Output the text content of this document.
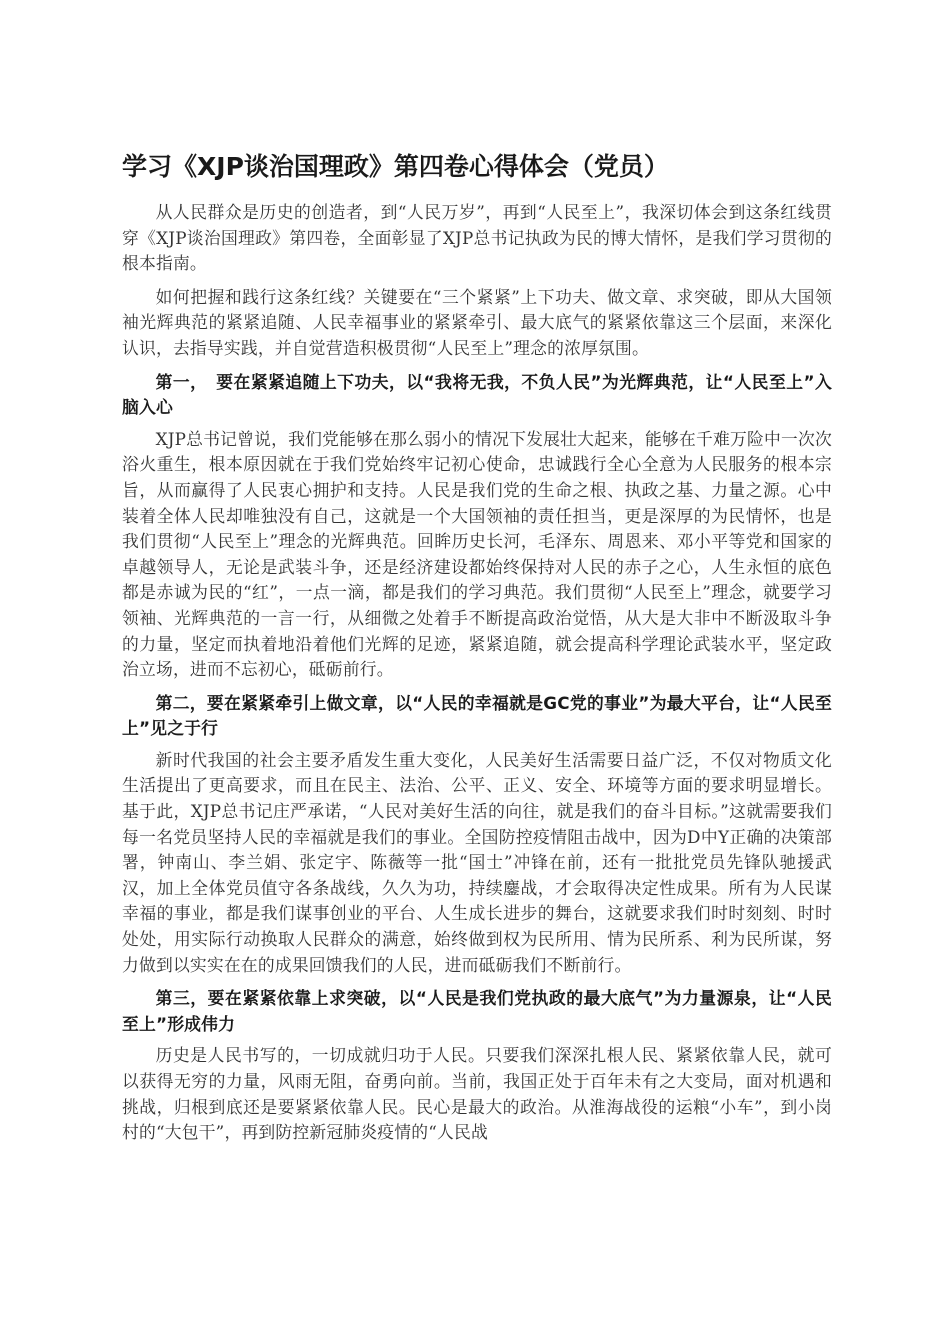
学习《XJP谈治国理政》第四卷心得体会（党员）

从人民群众是历史的创造者，到“人民万岁”，再到“人民至上”，我深切体会到这条红线贯穿《XJP谈治国理政》第四卷，全面彰显了XJP总书记执政为民的博大情怀，是我们学习贯彻的根本指南。

如何把握和践行这条红线？关键要在“三个紧紧”上下功夫、做文章、求突破，即从大国领袖光辉典范的紧紧追随、人民幸福事业的紧紧牵引、最大底气的紧紧依靠这三个层面，来深化认识，去指导实践，并自觉营造积极贯彻“人民至上”理念的浓厚氛围。

第一，　要在紧紧追随上下功夫，以“我将无我，不负人民”为光辉典范，让“人民至上”入脑入心

XJP总书记曾说，我们党能够在那么弱小的情况下发展壮大起来，能够在千难万险中一次次浴火重生，根本原因就在于我们党始终牢记初心使命，忠诚践行全心全意为人民服务的根本宗旨，从而赢得了人民衷心拥护和支持。人民是我们党的生命之根、执政之基、力量之源。心中装着全体人民却唯独没有自己，这就是一个大国领袖的责任担当，更是深厚的为民情怀，也是我们贯彻“人民至上”理念的光辉典范。回眸历史长河，毛泽东、周恩来、邓小平等党和国家的卓越领导人，无论是武装斗争，还是经济建设都始终保持对人民的赤子之心，人生永恒的底色都是赤诚为民的“红”，一点一滴，都是我们的学习典范。我们贯彻“人民至上”理念，就要学习领袖、光辉典范的一言一行，从细微之处着手不断提高政治觉悟，从大是大非中不断汲取斗争的力量，坚定而执着地沿着他们光辉的足迹，紧紧追随，就会提高科学理论武装水平，坚定政治立场，进而不忘初心，砥砺前行。

第二，要在紧紧牵引上做文章，以“人民的幸福就是GC党的事业”为最大平台，让“人民至上”见之于行

新时代我国的社会主要矛盾发生重大变化，人民美好生活需要日益广泛，不仅对物质文化生活提出了更高要求，而且在民主、法治、公平、正义、安全、环境等方面的要求明显增长。基于此，XJP总书记庄严承诺，“人民对美好生活的向往，就是我们的奋斗目标。”这就需要我们每一名党员坚持人民的幸福就是我们的事业。全国防控疫情阻击战中，因为D中Y正确的决策部署，钟南山、李兰娟、张定宇、陈薇等一批“国士”冲锋在前，还有一批批党员先锋队驰援武汉，加上全体党员值守各条战线，久久为功，持续鏖战，才会取得决定性成果。所有为人民谋幸福的事业，都是我们谋事创业的平台、人生成长进步的舞台，这就要求我们时时刻刻、时时处处，用实际行动换取人民群众的满意，始终做到权为民所用、情为民所系、利为民所谋，努力做到以实实在在的成果回馈我们的人民，进而砥砺我们不断前行。

第三，要在紧紧依靠上求突破，以“人民是我们党执政的最大底气”为力量源泉，让“人民至上”形成伟力

历史是人民书写的，一切成就归功于人民。只要我们深深扎根人民、紧紧依靠人民，就可以获得无穷的力量，风雨无阻，奋勇向前。当前，我国正处于百年未有之大变局，面对机遇和挑战，归根到底还是要紧紧依靠人民。民心是最大的政治。从淮海战役的运粮“小车”，到小岗村的“大包干”，再到防控新冠肺炎疫情的“人民战
